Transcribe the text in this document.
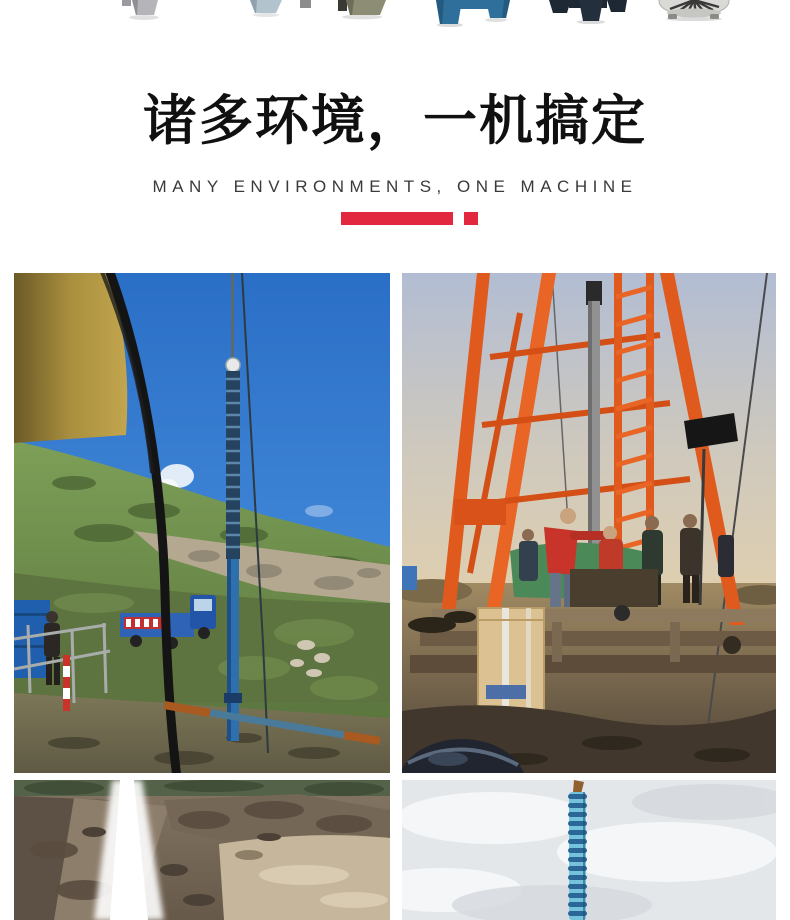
诸多环境，一机搞定
MANY ENVIRONMENTS, ONE MACHINE
